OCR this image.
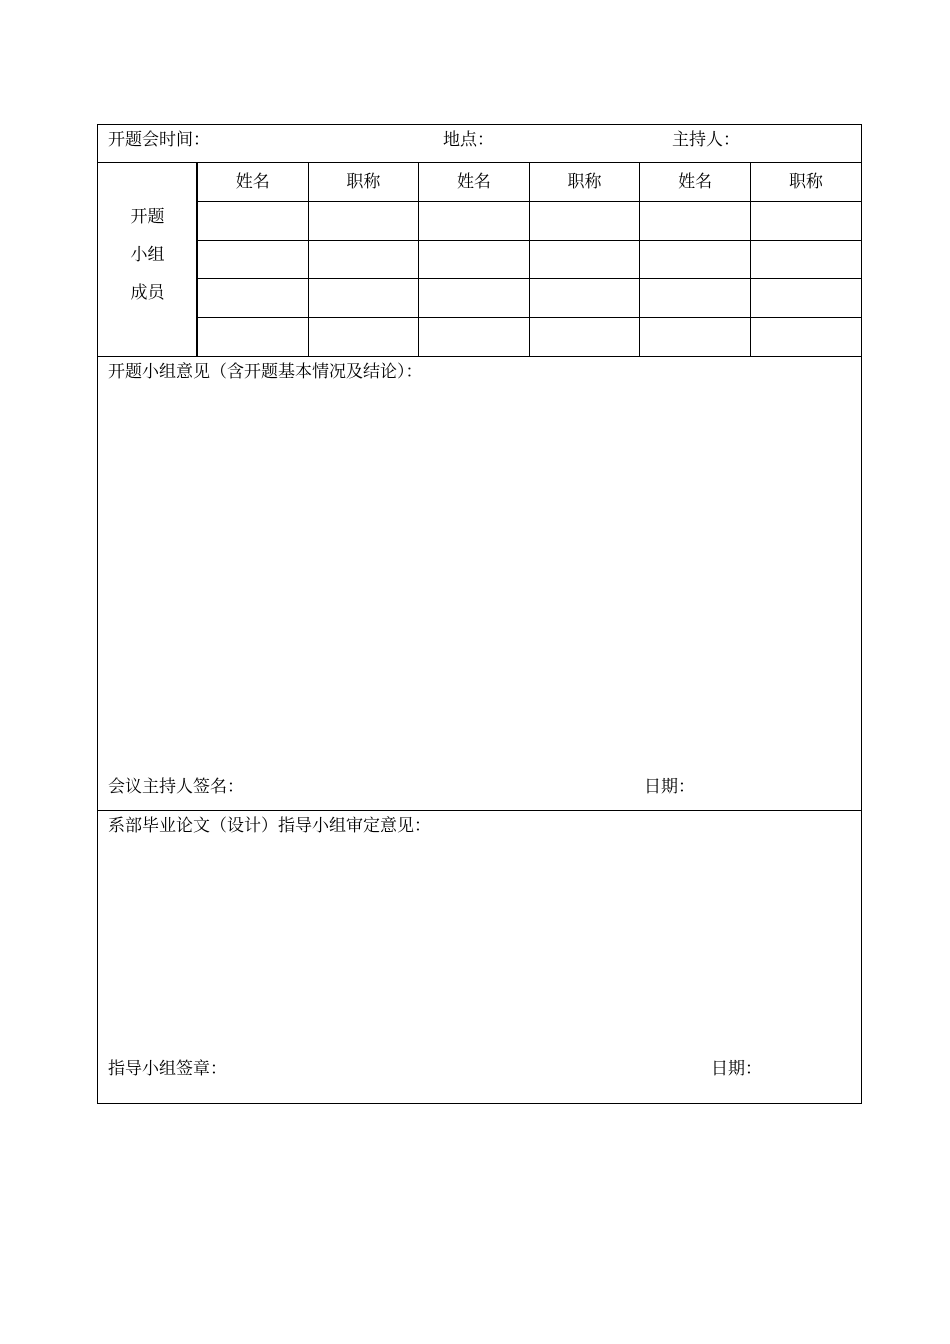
开题会时间：	地点：	主持人：
开题
小组
成员
姓名	职称	姓名	职称	姓名	职称

开题小组意见（含开题基本情况及结论）：
会议主持人签名：	日期：
系部毕业论文（设计）指导小组审定意见：
指导小组签章：	日期：
